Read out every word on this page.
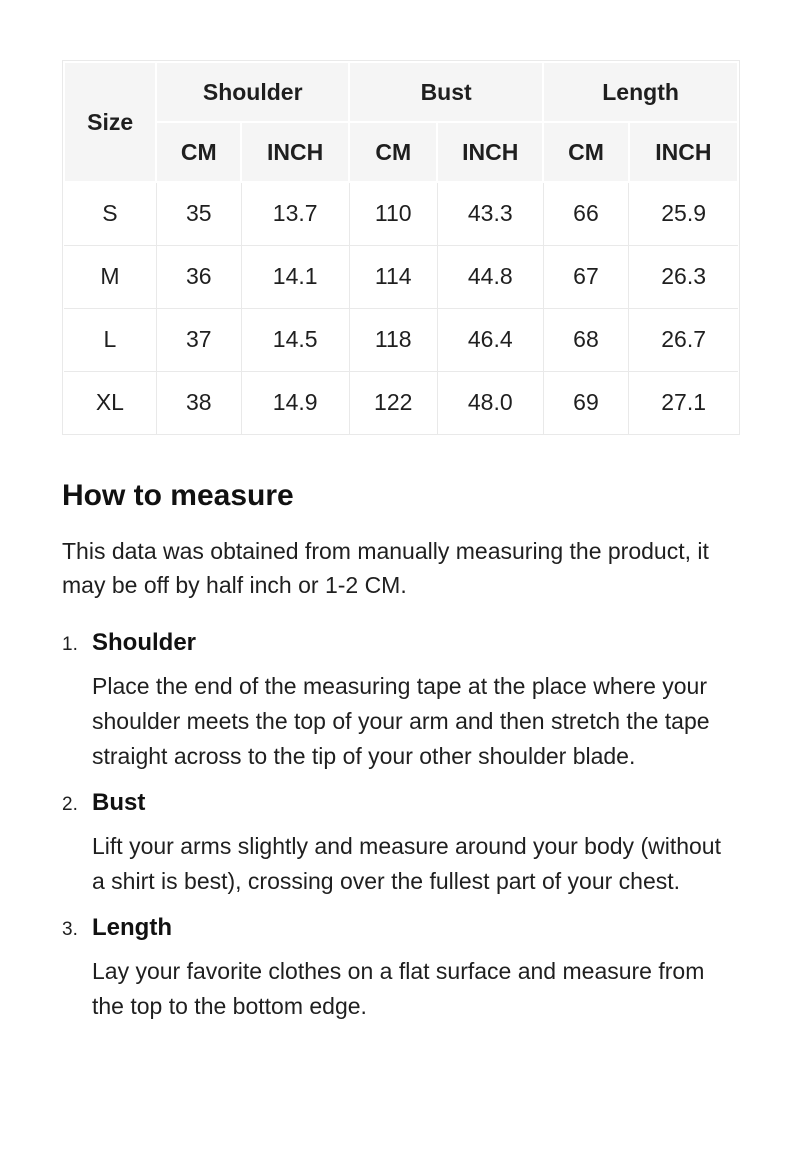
Size	Shoulder		Bust		Length	
	CM	INCH	CM	INCH	CM	INCH
S	35	13.7	110	43.3	66	25.9
M	36	14.1	114	44.8	67	26.3
L	37	14.5	118	46.4	68	26.7
XL	38	14.9	122	48.0	69	27.1
How to measure

This data was obtained from manually measuring the product, it may be off by half inch or 1-2 CM.

1. Shoulder

Place the end of the measuring tape at the place where your shoulder meets the top of your arm and then stretch the tape straight across to the tip of your other shoulder blade.

2. Bust

Lift your arms slightly and measure around your body (without a shirt is best), crossing over the fullest part of your chest.

3. Length

Lay your favorite clothes on a flat surface and measure from the top to the bottom edge.
